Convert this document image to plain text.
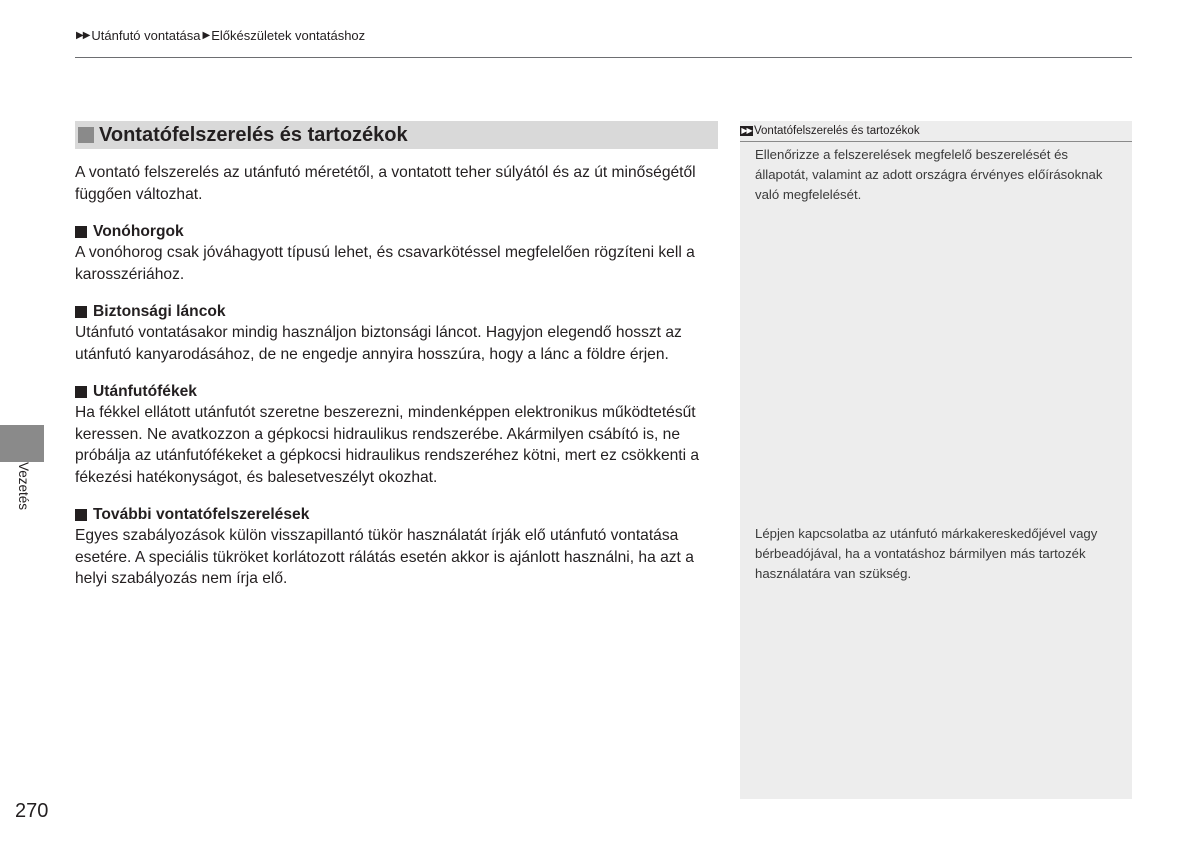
▶▶ Utánfutó vontatása ▶ Előkészületek vontatáshoz
Vontatófelszerelés és tartozékok

A vontató felszerelés az utánfutó méretétől, a vontatott teher súlyától és az út minőségétől függően változhat.

Vonóhorgok

A vonóhorog csak jóváhagyott típusú lehet, és csavarkötéssel megfelelően rögzíteni kell a karosszériához.

Biztonsági láncok

Utánfutó vontatásakor mindig használjon biztonsági láncot. Hagyjon elegendő hosszt az utánfutó kanyarodásához, de ne engedje annyira hosszúra, hogy a lánc a földre érjen.

Utánfutófékek

Ha fékkel ellátott utánfutót szeretne beszerezni, mindenképpen elektronikus működtetésűt keressen. Ne avatkozzon a gépkocsi hidraulikus rendszerébe. Akármilyen csábító is, ne próbálja az utánfutófékeket a gépkocsi hidraulikus rendszeréhez kötni, mert ez csökkenti a fékezési hatékonyságot, és balesetveszélyt okozhat.

További vontatófelszerelések

Egyes szabályozások külön visszapillantó tükör használatát írják elő utánfutó vontatása esetére. A speciális tükröket korlátozott rálátás esetén akkor is ajánlott használni, ha azt a helyi szabályozás nem írja elő.

▶▶ Vontatófelszerelés és tartozékok

Ellenőrizze a felszerelések megfelelő beszerelését és állapotát, valamint az adott országra érvényes előírásoknak való megfelelését.

Lépjen kapcsolatba az utánfutó márkakereskedőjével vagy bérbeadójával, ha a vontatáshoz bármilyen más tartozék használatára van szükség.

Vezetés
270
